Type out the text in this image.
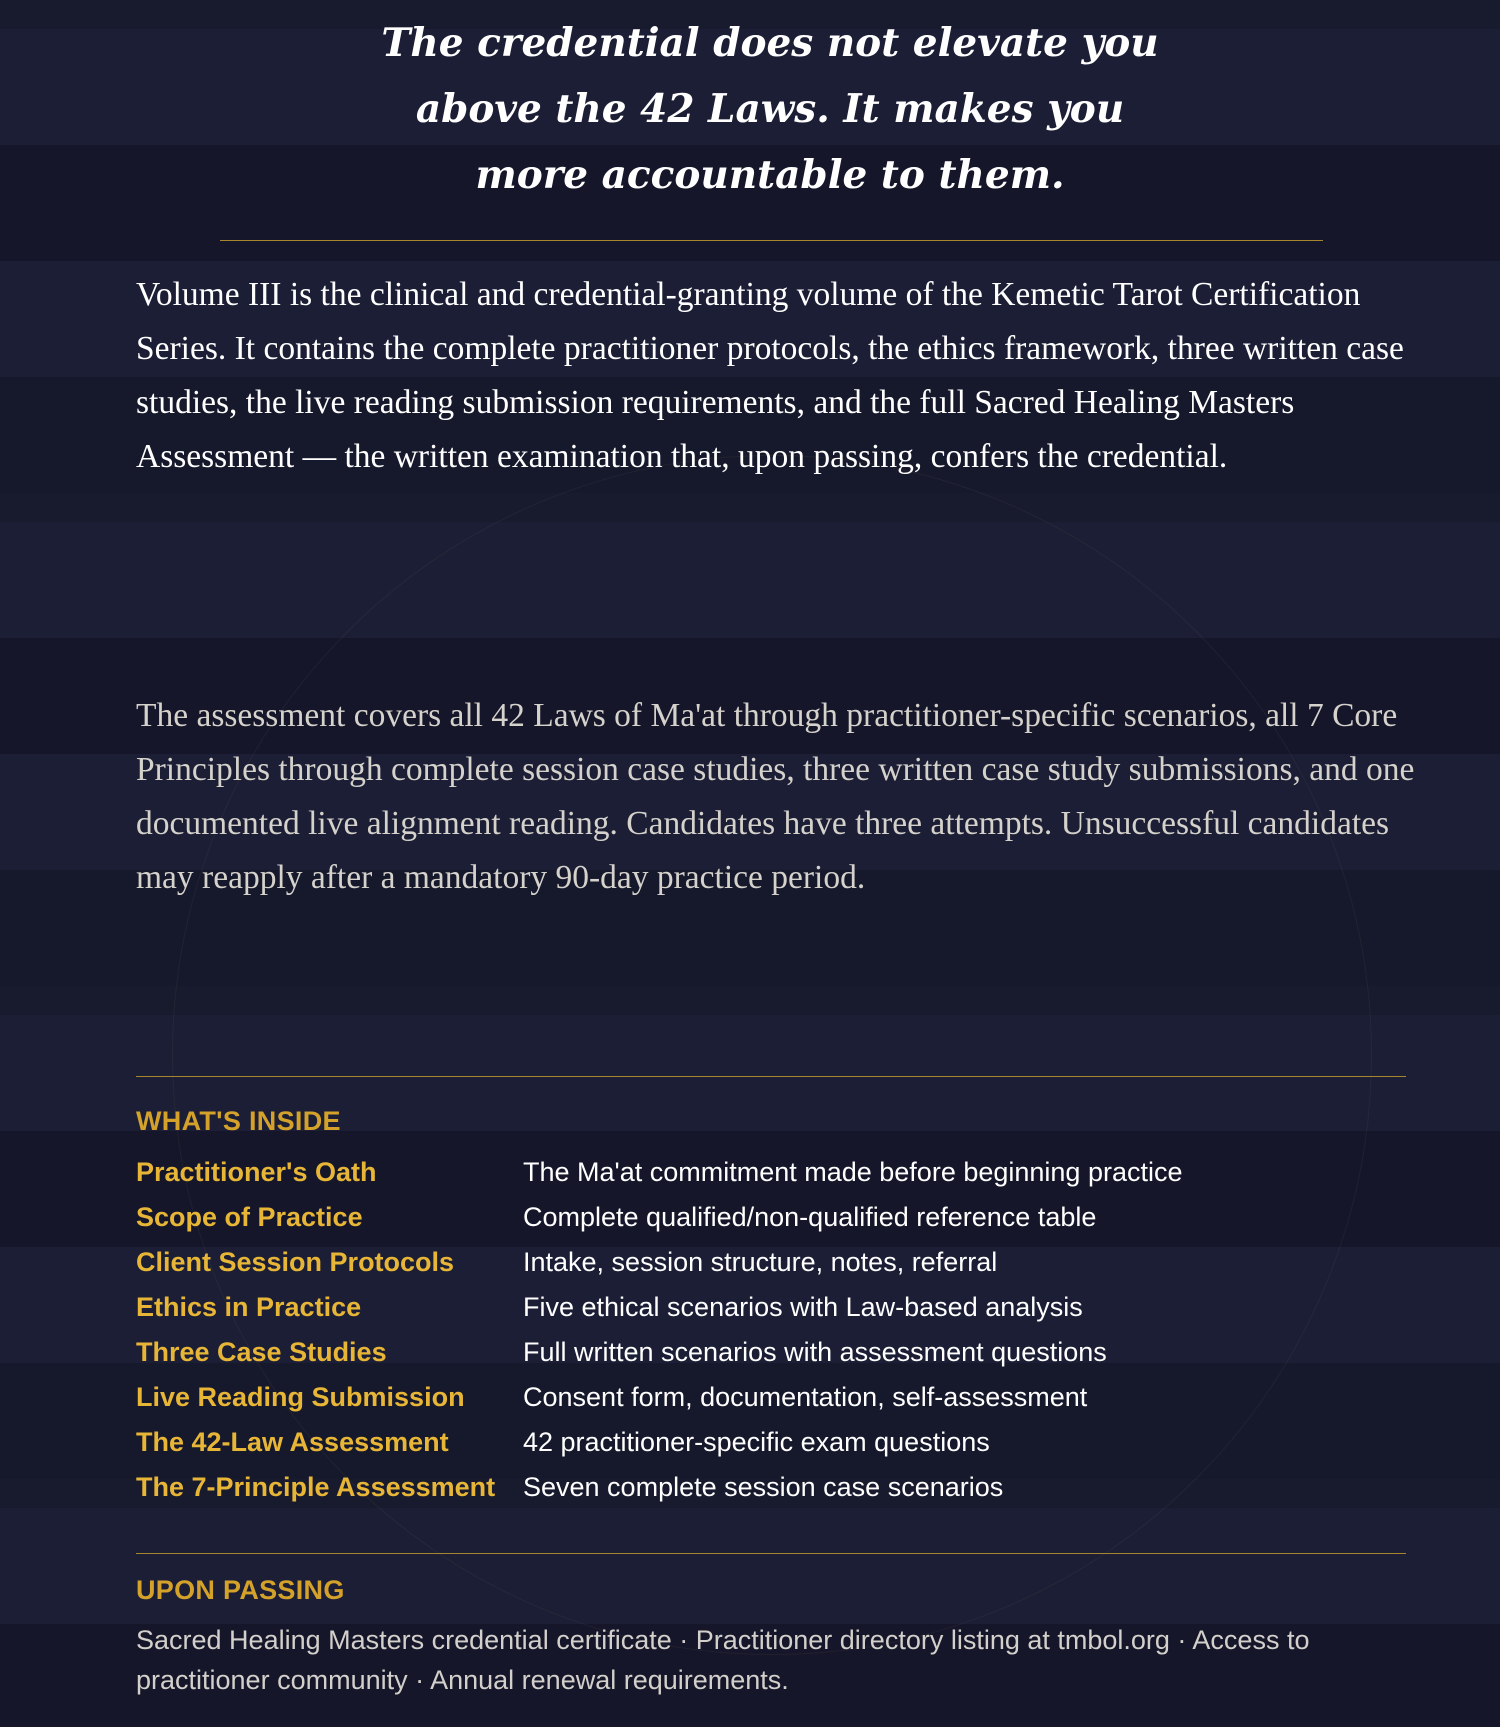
The credential does not elevate you
above the 42 Laws. It makes you
more accountable to them.

Volume III is the clinical and credential-granting volume of the Kemetic Tarot Certification Series. It contains the complete practitioner protocols, the ethics framework, three written case studies, the live reading submission requirements, and the full Sacred Healing Masters Assessment — the written examination that, upon passing, confers the credential.

The assessment covers all 42 Laws of Ma'at through practitioner-specific scenarios, all 7 Core Principles through complete session case studies, three written case study submissions, and one documented live alignment reading. Candidates have three attempts. Unsuccessful candidates may reapply after a mandatory 90-day practice period.

WHAT'S INSIDE
Practitioner's Oath	The Ma'at commitment made before beginning practice
Scope of Practice	Complete qualified/non-qualified reference table
Client Session Protocols	Intake, session structure, notes, referral
Ethics in Practice	Five ethical scenarios with Law-based analysis
Three Case Studies	Full written scenarios with assessment questions
Live Reading Submission	Consent form, documentation, self-assessment
The 42-Law Assessment	42 practitioner-specific exam questions
The 7-Principle Assessment	Seven complete session case scenarios
UPON PASSING

Sacred Healing Masters credential certificate · Practitioner directory listing at tmbol.org · Access to practitioner community · Annual renewal requirements.
